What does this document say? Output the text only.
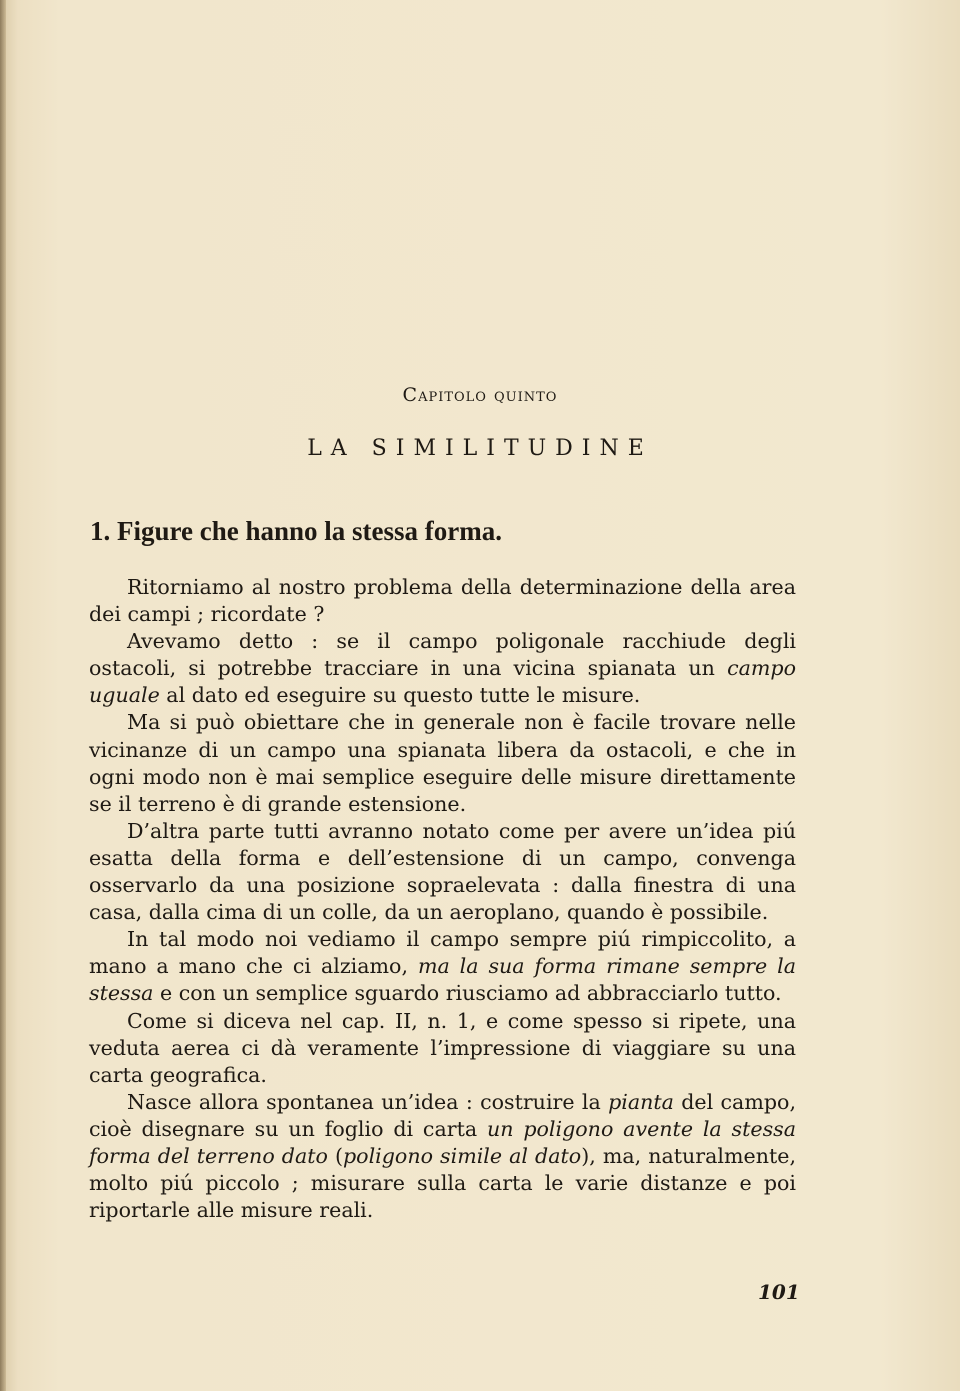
Capitolo quinto
LA SIMILITUDINE
1. Figure che hanno la stessa forma.

Ritorniamo al nostro problema della determinazione della area dei campi ; ricordate ?

Avevamo detto : se il campo poligonale racchiude degli ostacoli, si potrebbe tracciare in una vicina spianata un campo uguale al dato ed eseguire su questo tutte le misure.

Ma si può obiettare che in generale non è facile trovare nelle vicinanze di un campo una spianata libera da ostacoli, e che in ogni modo non è mai semplice eseguire delle misure direttamente se il terreno è di grande estensione.

D’altra parte tutti avranno notato come per avere un’idea piú esatta della forma e dell’estensione di un campo, convenga osservarlo da una posizione sopraelevata : dalla finestra di una casa, dalla cima di un colle, da un aeroplano, quando è possibile.

In tal modo noi vediamo il campo sempre piú rimpiccolito, a mano a mano che ci alziamo, ma la sua forma rimane sempre la stessa e con un semplice sguardo riusciamo ad abbracciarlo tutto.

Come si diceva nel cap. II, n. 1, e come spesso si ripete, una veduta aerea ci dà veramente l’impressione di viaggiare su una carta geografica.

Nasce allora spontanea un’idea : costruire la pianta del campo, cioè disegnare su un foglio di carta un poligono avente la stessa forma del terreno dato (poligono simile al dato), ma, naturalmente, molto piú piccolo ; misurare sulla carta le varie distanze e poi riportarle alle misure reali.

101
